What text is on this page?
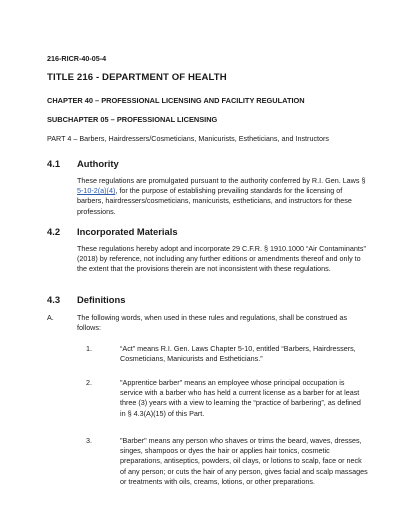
216-RICR-40-05-4
TITLE 216 - DEPARTMENT OF HEALTH
CHAPTER 40 – PROFESSIONAL LICENSING AND FACILITY REGULATION
SUBCHAPTER 05 – PROFESSIONAL LICENSING
PART 4 – Barbers, Hairdressers/Cosmeticians, Manicurists, Estheticians, and Instructors
4.1	Authority
These regulations are promulgated pursuant to the authority conferred by R.I. Gen. Laws § 5-10-2(a)(4), for the purpose of establishing prevailing standards for the licensing of barbers, hairdressers/cosmeticians, manicurists, estheticians, and instructors for these professions.
4.2	Incorporated Materials
These regulations hereby adopt and incorporate 29 C.F.R. § 1910.1000 “Air Contaminants” (2018) by reference, not including any further editions or amendments thereof and only to the extent that the provisions therein are not inconsistent with these regulations.
4.3	Definitions
A.	The following words, when used in these rules and regulations, shall be construed as follows:
1.	“Act” means R.I. Gen. Laws Chapter 5-10, entitled “Barbers, Hairdressers, Cosmeticians, Manicurists and Estheticians.”
2.	"Apprentice barber" means an employee whose principal occupation is service with a barber who has held a current license as a barber for at least three (3) years with a view to learning the “practice of barbering”, as defined in § 4.3(A)(15) of this Part.
3.	"Barber" means any person who shaves or trims the beard, waves, dresses, singes, shampoos or dyes the hair or applies hair tonics, cosmetic preparations, antiseptics, powders, oil clays, or lotions to scalp, face or neck of any person; or cuts the hair of any person, gives facial and scalp massages or treatments with oils, creams, lotions, or other preparations.
